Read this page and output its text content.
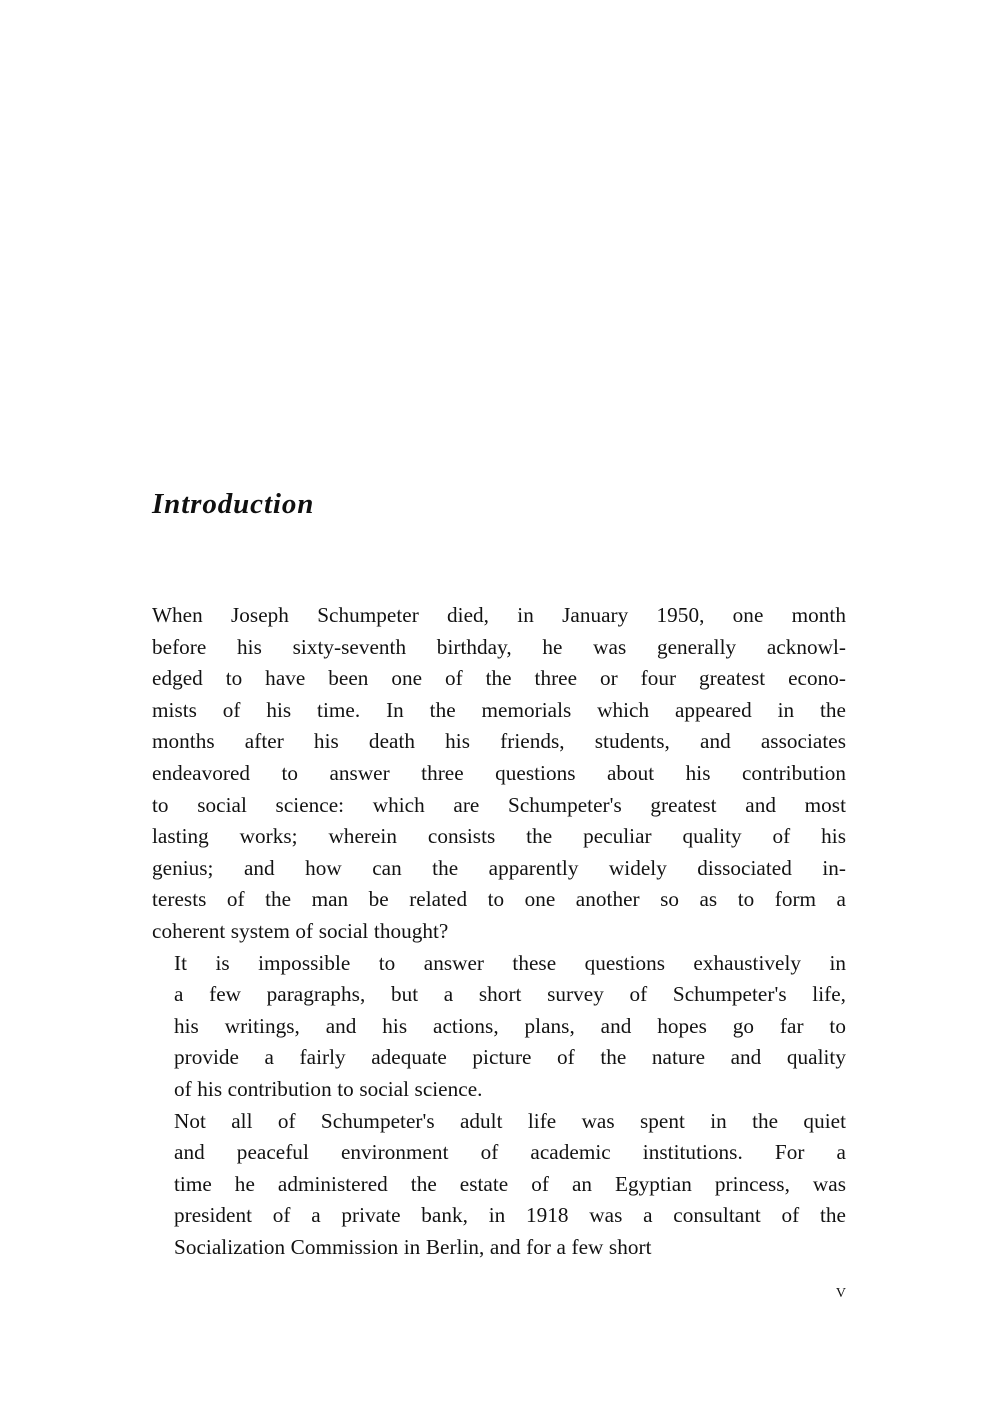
Introduction

When Joseph Schumpeter died, in January 1950, one month
before his sixty-seventh birthday, he was generally acknowl-
edged to have been one of the three or four greatest econo-
mists of his time. In the memorials which appeared in the
months after his death his friends, students, and associates
endeavored to answer three questions about his contribution
to social science: which are Schumpeter's greatest and most
lasting works; wherein consists the peculiar quality of his
genius; and how can the apparently widely dissociated in-
terests of the man be related to one another so as to form a
coherent system of social thought?

It is impossible to answer these questions exhaustively in
a few paragraphs, but a short survey of Schumpeter's life,
his writings, and his actions, plans, and hopes go far to
provide a fairly adequate picture of the nature and quality
of his contribution to social science.

Not all of Schumpeter's adult life was spent in the quiet
and peaceful environment of academic institutions. For a
time he administered the estate of an Egyptian princess, was
president of a private bank, in 1918 was a consultant of the
Socialization Commission in Berlin, and for a few short

v
